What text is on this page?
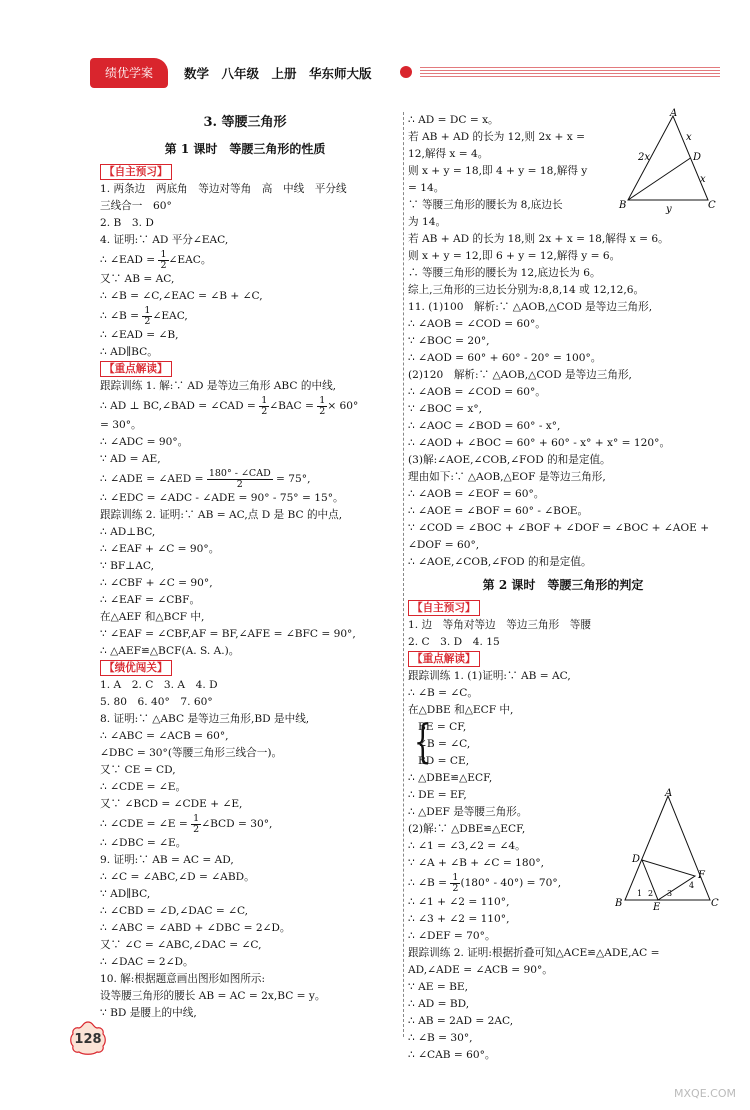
绩优学案	数学　八年级　上册　华东师大版

3. 等腰三角形

第 1 课时　等腰三角形的性质

【自主预习】

1. 两条边　两底角　等边对等角　高　中线　平分线

三线合一　60°

2. B　3. D

4. 证明:∵ AD 平分∠EAC,

∴ ∠EAD = $\frac{1}{2}$ ∠EAC。

又∵ AB = AC,

∴ ∠B = ∠C,∠EAC = ∠B + ∠C,

∴ ∠B = $\frac{1}{2}$ ∠EAC,

∴ ∠EAD = ∠B,

∴ AD∥BC。

【重点解读】

跟踪训练 1. 解:∵ AD 是等边三角形 ABC 的中线,

∴ AD ⊥ BC,∠BAD = ∠CAD = $\frac{1}{2}$ ∠BAC = $\frac{1}{2} \times 60^\circ$

= 30°。

∴ ∠ADC = 90°。

∵ AD = AE,

∴ ∠ADE = ∠AED = $\frac{\text{180° - ∠CAD}}{2} = 75^\circ$,

∴ ∠EDC = ∠ADC - ∠ADE = 90° - 75° = 15°。

跟踪训练 2. 证明:∵ AB = AC,点 D 是 BC 的中点,

∴ AD⊥BC,

∴ ∠EAF + ∠C = 90°。

∵ BF⊥AC,

∴ ∠CBF + ∠C = 90°,

∴ ∠EAF = ∠CBF。

在△AEF 和△BCF 中,

∵ ∠EAF = ∠CBF,AF = BF,∠AFE = ∠BFC = 90°,

∴ △AEF≌△BCF(A. S. A.)。

【绩优闯关】

1. A　2. C　3. A　4. D

5. 80　6. 40°　7. 60°

8. 证明:∵ △ABC 是等边三角形,BD 是中线,

∴ ∠ABC = ∠ACB = 60°,

∠DBC = 30°(等腰三角形三线合一)。

又∵ CE = CD,

∴ ∠CDE = ∠E。

又∵ ∠BCD = ∠CDE + ∠E,

∴ ∠CDE = ∠E = $\frac{1}{2}$ ∠BCD = 30°,

∴ ∠DBC = ∠E。

9. 证明:∵ AB = AC = AD,

∴ ∠C = ∠ABC,∠D = ∠ABD。

∵ AD∥BC,

∴ ∠CBD = ∠D,∠DAC = ∠C,

∴ ∠ABC = ∠ABD + ∠DBC = 2∠D。

又∵ ∠C = ∠ABC,∠DAC = ∠C,

∴ ∠DAC = 2∠D。

10. 解:根据题意画出图形如图所示:

设等腰三角形的腰长 AB = AC = 2x,BC = y。

∵ BD 是腰上的中线,

∴ AD = DC = x。

若 AB + AD 的长为 12,则 2x + x =

12,解得 x = 4。

则 x + y = 18,即 4 + y = 18,解得 y

= 14。

∵ 等腰三角形的腰长为 8,底边长

为 14。

若 AB + AD 的长为 18,则 2x + x = 18,解得 x = 6。

则 x + y = 12,即 6 + y = 12,解得 y = 6。

∴ 等腰三角形的腰长为 12,底边长为 6。

综上,三角形的三边长分别为:8,8,14 或 12,12,6。

11. (1)100　解析:∵ △AOB,△COD 是等边三角形,

∴ ∠AOB = ∠COD = 60°。

∵ ∠BOC = 20°,

∴ ∠AOD = 60° + 60° - 20° = 100°。

(2)120　解析:∵ △AOB,△COD 是等边三角形,

∴ ∠AOB = ∠COD = 60°。

∵ ∠BOC = x°,

∴ ∠AOC = ∠BOD = 60° - x°,

∴ ∠AOD + ∠BOC = 60° + 60° - x° + x° = 120°。

(3)解:∠AOE,∠COB,∠FOD 的和是定值。

理由如下:∵ △AOB,△EOF 是等边三角形,

∴ ∠AOB = ∠EOF = 60°。

∴ ∠AOE = ∠BOF = 60° - ∠BOE。

∵ ∠COD = ∠BOC + ∠BOF + ∠DOF = ∠BOC + ∠AOE +

∠DOF = 60°,

∴ ∠AOE,∠COB,∠FOD 的和是定值。

第 2 课时　等腰三角形的判定

【自主预习】

1. 边　等角对等边　等边三角形　等腰

2. C　3. D　4. 15

【重点解读】

跟踪训练 1. (1)证明:∵ AB = AC,

∴ ∠B = ∠C。

在△DBE 和△ECF 中,

{

BE = CF,

∠B = ∠C,

BD = CE,

∴ △DBE≌△ECF,

∴ DE = EF,

∴ △DEF 是等腰三角形。

(2)解:∵ △DBE≌△ECF,

∴ ∠1 = ∠3,∠2 = ∠4。

∵ ∠A + ∠B + ∠C = 180°,

∴ ∠B = $\frac{1}{2} (180^\circ - 40^\circ) = 70^\circ$,

∴ ∠1 + ∠2 = 110°,

∴ ∠3 + ∠2 = 110°,

∴ ∠DEF = 70°。

跟踪训练 2. 证明:根据折叠可知△ACE≌△ADE,AC =

AD,∠ADE = ∠ACB = 90°。

∵ AE = BE,

∴ AD = BD,

∴ AB = 2AD = 2AC,

∴ ∠B = 30°,

∴ ∠CAB = 60°。

A
B	C
D
2x
x
x
y
A
B	C
D
E
F
1 2 3
4
128
MXQE.COM
